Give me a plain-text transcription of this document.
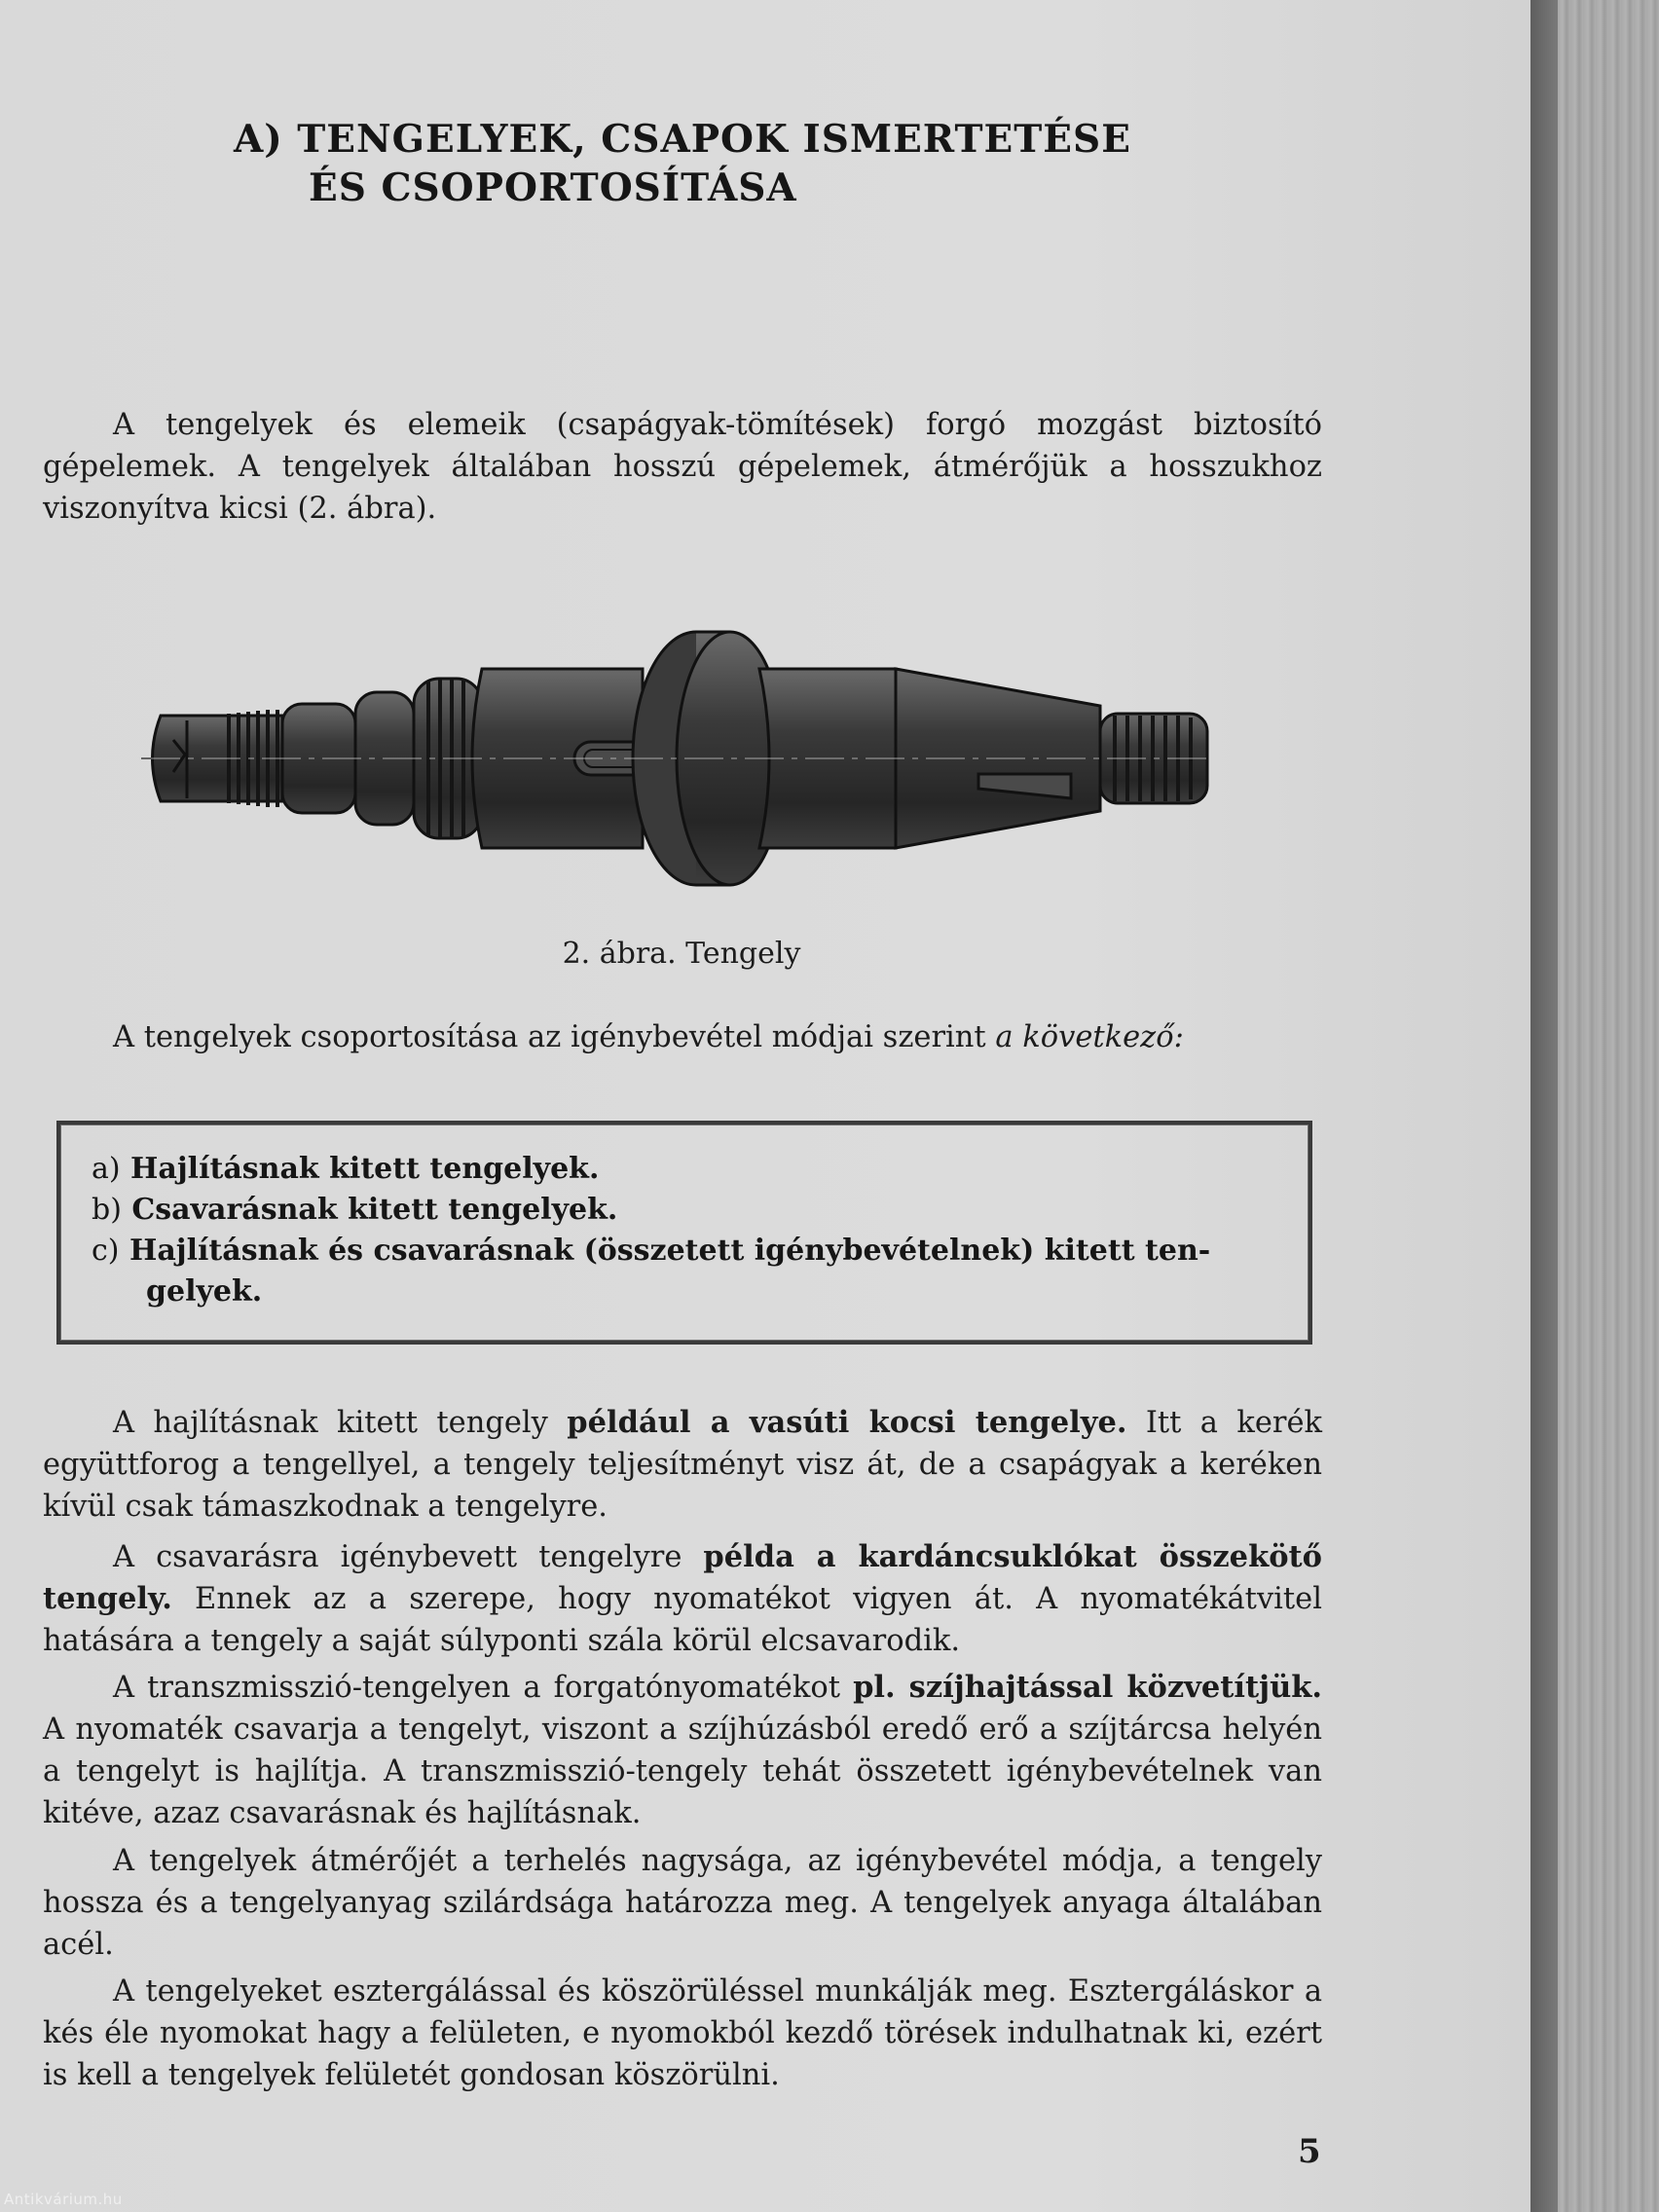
A) TENGELYEK, CSAPOK ISMERTETÉSE
ÉS CSOPORTOSÍTÁSA

A tengelyek és elemeik (csapágyak-tömítések) forgó mozgást biztosító gépelemek. A tengelyek általában hosszú gépelemek, átmérőjük a hosszukhoz viszonyítva kicsi (2. ábra).

2. ábra. Tengely

A tengelyek csoportosítása az igénybevétel módjai szerint a következő:

a) Hajlításnak kitett tengelyek.

b) Csavarásnak kitett tengelyek.

c) Hajlításnak és csavarásnak (összetett igénybevételnek) kitett ten-
gelyek.

A hajlításnak kitett tengely például a vasúti kocsi tengelye. Itt a kerék együttforog a tengellyel, a tengely teljesítményt visz át, de a csapágyak a keréken kívül csak támaszkodnak a tengelyre.

A csavarásra igénybevett tengelyre példa a kardáncsuklókat összekötő tengely. Ennek az a szerepe, hogy nyomatékot vigyen át. A nyomatékátvitel hatására a tengely a saját súlyponti szála körül elcsavarodik.

A transzmisszió-tengelyen a forgatónyomatékot pl. szíjhajtással közvetítjük. A nyomaték csavarja a tengelyt, viszont a szíjhúzásból eredő erő a szíjtárcsa helyén a tengelyt is hajlítja. A transzmisszió-tengely tehát összetett igénybevételnek van kitéve, azaz csavarásnak és hajlításnak.

A tengelyek átmérőjét a terhelés nagysága, az igénybevétel módja, a tengely hossza és a tengelyanyag szilárdsága határozza meg. A tengelyek anyaga általában acél.

A tengelyeket esztergálással és köszörüléssel munkálják meg. Esztergáláskor a kés éle nyomokat hagy a felületen, e nyomokból kezdő törések indulhatnak ki, ezért is kell a tengelyek felületét gondosan köszörülni.

5

Antikvárium.hu
